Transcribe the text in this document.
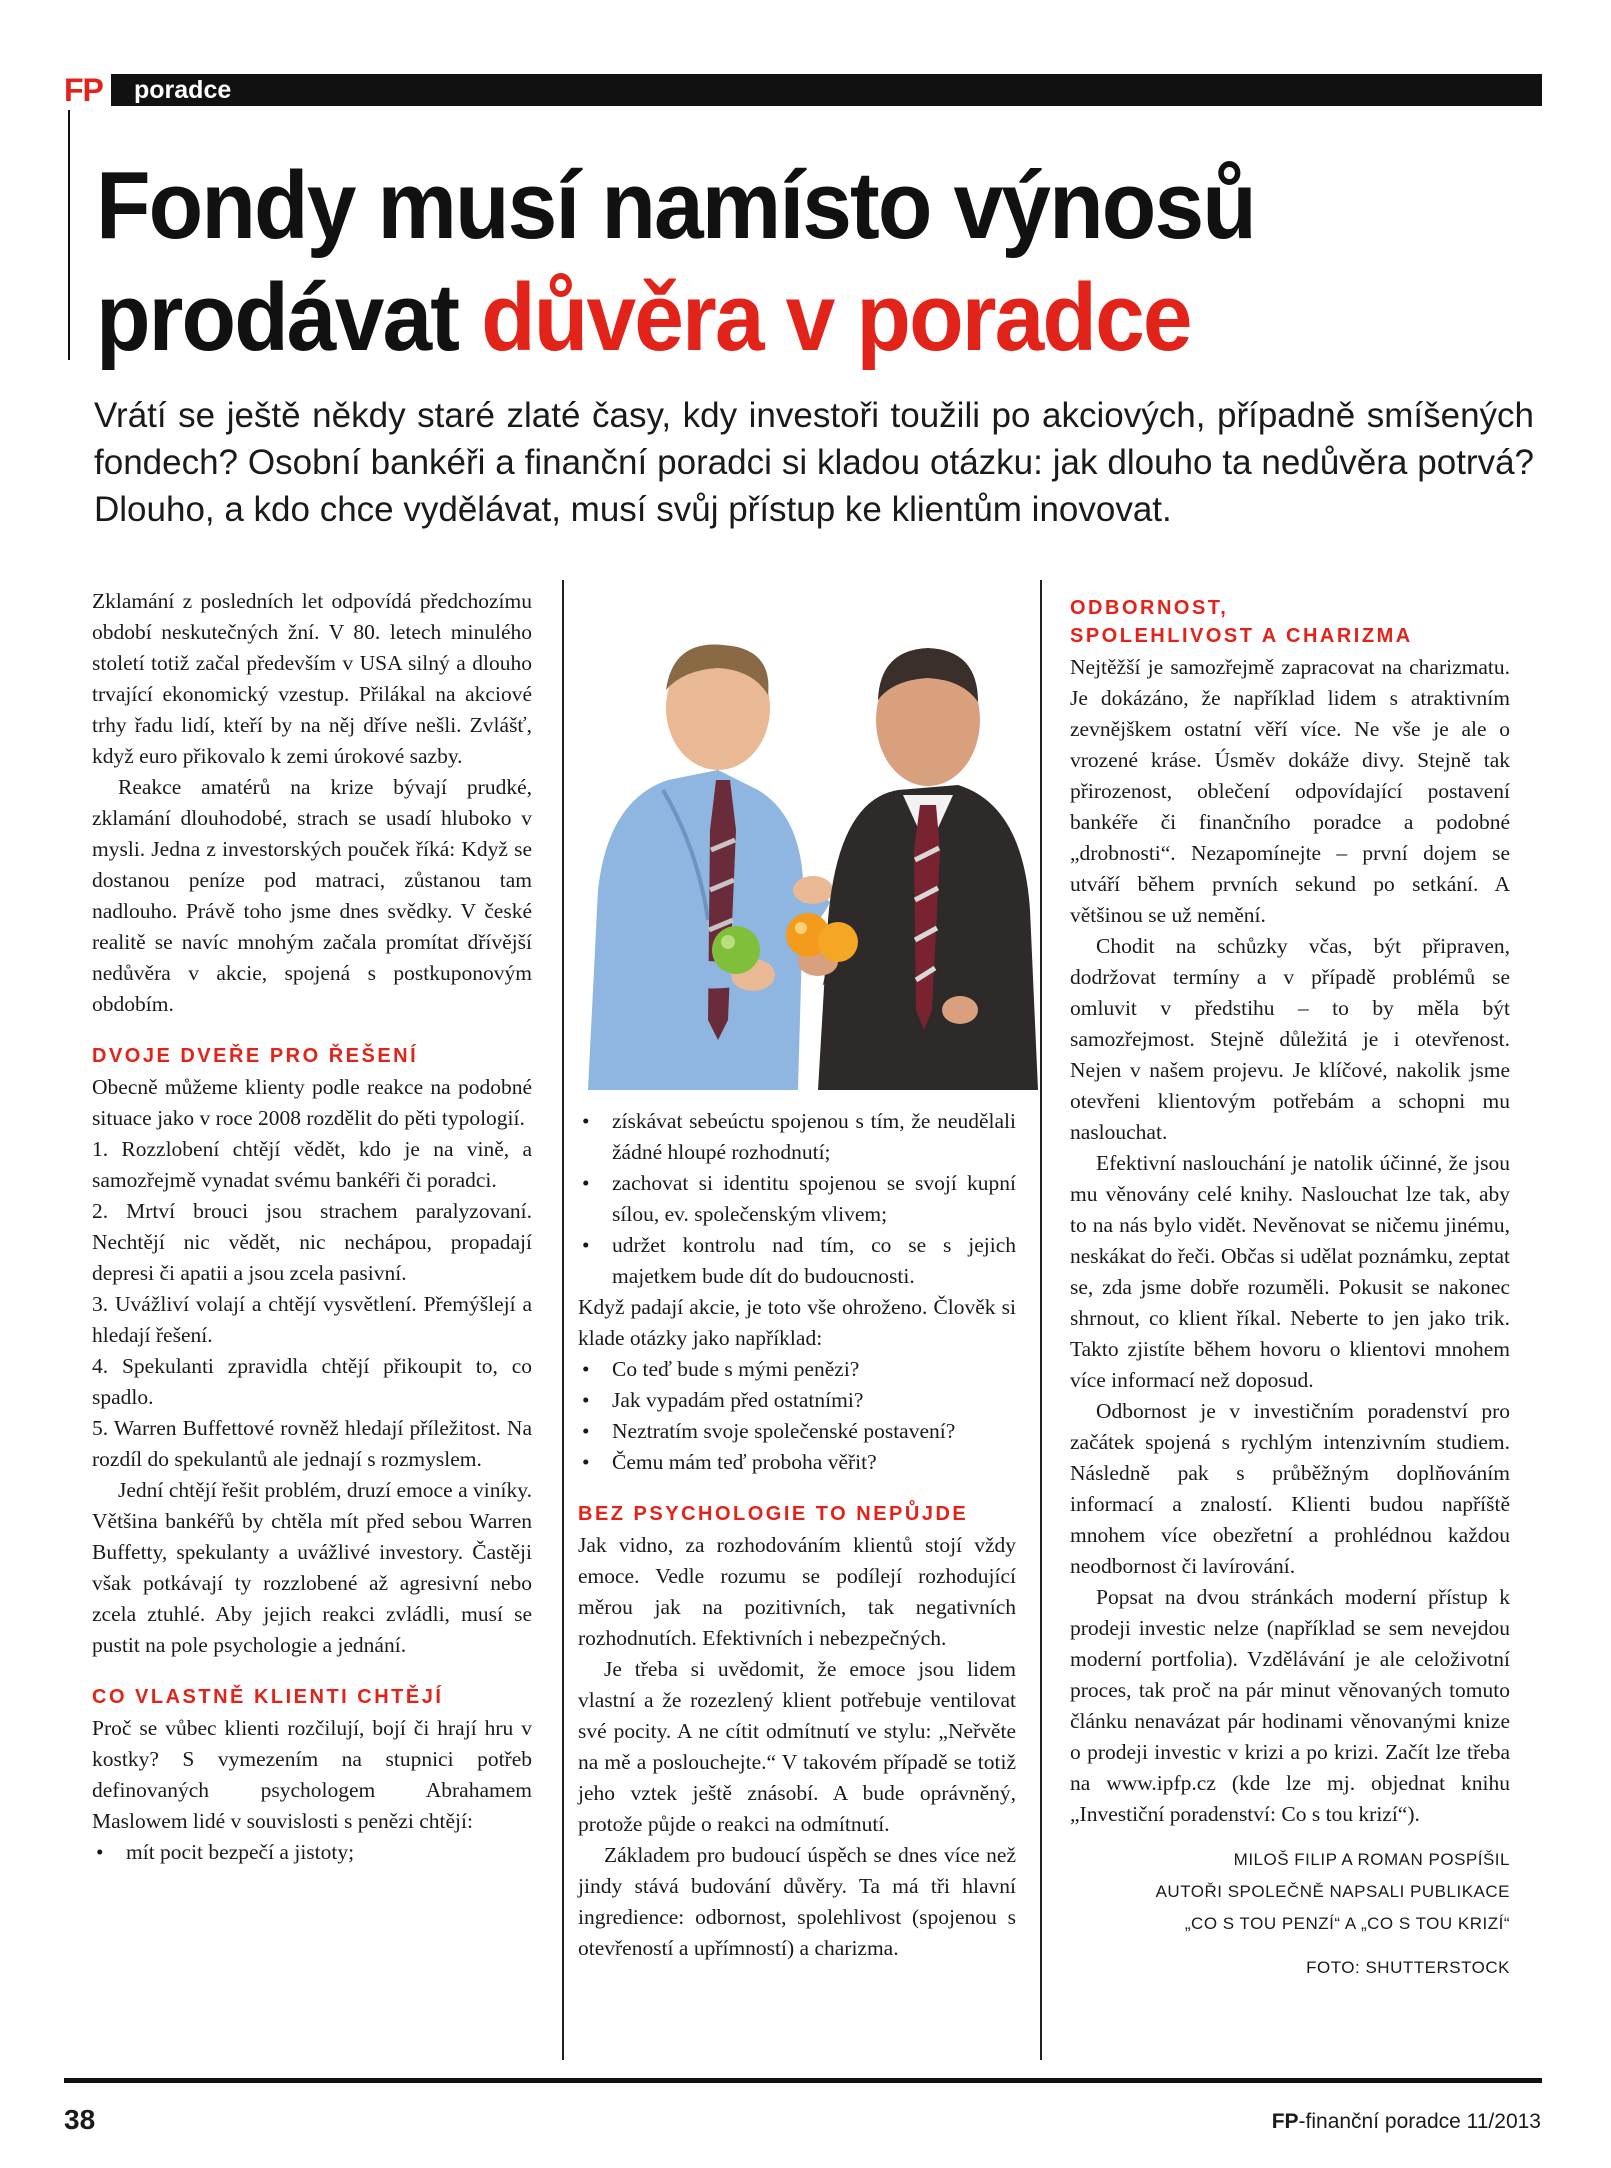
FP	poradce
Fondy musí namísto výnosů
prodávat důvěra v poradce
Vrátí se ještě někdy staré zlaté časy, kdy investoři toužili po akciových, případně smíšených fondech? Osobní bankéři a finanční poradci si kladou otázku: jak dlouho ta nedůvěra potrvá? Dlouho, a kdo chce vydělávat, musí svůj přístup ke klientům inovovat.

Zklamání z posledních let odpovídá předchozímu období neskutečných žní. V 80. letech minulého století totiž začal především v USA silný a dlouho trvající ekonomický vzestup. Přilákal na akciové trhy řadu lidí, kteří by na něj dříve nešli. Zvlášť, když euro přikovalo k zemi úrokové sazby.

Reakce amatérů na krize bývají prudké, zklamání dlouhodobé, strach se usadí hluboko v mysli. Jedna z investorských pouček říká: Když se dostanou peníze pod matraci, zůstanou tam nadlouho. Právě toho jsme dnes svědky. V české realitě se navíc mnohým začala promítat dřívější nedůvěra v akcie, spojená s postkuponovým obdobím.

DVOJE DVEŘE PRO ŘEŠENÍ

Obecně můžeme klienty podle reakce na podobné situace jako v roce 2008 rozdělit do pěti typologií.

1. Rozzlobení chtějí vědět, kdo je na vině, a samozřejmě vynadat svému bankéři či poradci.
2. Mrtví brouci jsou strachem paralyzovaní. Nechtějí nic vědět, nic nechápou, propadají depresi či apatii a jsou zcela pasivní.
3. Uvážliví volají a chtějí vysvětlení. Přemýšlejí a hledají řešení.
4. Spekulanti zpravidla chtějí přikoupit to, co spadlo.
5. Warren Buffettové rovněž hledají příležitost. Na rozdíl do spekulantů ale jednají s rozmyslem.

Jední chtějí řešit problém, druzí emoce a viníky. Většina bankéřů by chtěla mít před sebou Warren Buffetty, spekulanty a uvážlivé investory. Častěji však potkávají ty rozzlobené až agresivní nebo zcela ztuhlé. Aby jejich reakci zvládli, musí se pustit na pole psychologie a jednání.

CO VLASTNĚ KLIENTI CHTĚJÍ

Proč se vůbec klienti rozčilují, bojí či hrají hru v kostky? S vymezením na stupnici potřeb definovaných psychologem Abrahamem Maslowem lidé v souvislosti s penězi chtějí:

• mít pocit bezpečí a jistoty;
• získávat sebeúctu spojenou s tím, že neudělali žádné hloupé rozhodnutí;
• zachovat si identitu spojenou se svojí kupní sílou, ev. společenským vlivem;
• udržet kontrolu nad tím, co se s jejich majetkem bude dít do budoucnosti.

Když padají akcie, je toto vše ohroženo. Člověk si klade otázky jako například:

• Co teď bude s mými penězi?
• Jak vypadám před ostatními?
• Neztratím svoje společenské postavení?
• Čemu mám teď proboha věřit?
BEZ PSYCHOLOGIE TO NEPŮJDE

Jak vidno, za rozhodováním klientů stojí vždy emoce. Vedle rozumu se podílejí rozhodující měrou jak na pozitivních, tak negativních rozhodnutích. Efektivních i nebezpečných.

Je třeba si uvědomit, že emoce jsou lidem vlastní a že rozezlený klient potřebuje ventilovat své pocity. A ne cítit odmítnutí ve stylu: „Neřvěte na mě a poslouchejte.“ V takovém případě se totiž jeho vztek ještě znásobí. A bude oprávněný, protože půjde o reakci na odmítnutí.

Základem pro budoucí úspěch se dnes více než jindy stává budování důvěry. Ta má tři hlavní ingredience: odbornost, spolehlivost (spojenou s otevřeností a upřímností) a charizma.

ODBORNOST,
SPOLEHLIVOST A CHARIZMA

Nejtěžší je samozřejmě zapracovat na charizmatu. Je dokázáno, že například lidem s atraktivním zevnějškem ostatní věří více. Ne vše je ale o vrozené kráse. Úsměv dokáže divy. Stejně tak přirozenost, oblečení odpovídající postavení bankéře či finančního poradce a podobné „drobnosti“. Nezapomínejte – první dojem se utváří během prvních sekund po setkání. A většinou se už nemění.

Chodit na schůzky včas, být připraven, dodržovat termíny a v případě problémů se omluvit v předstihu – to by měla být samozřejmost. Stejně důležitá je i otevřenost. Nejen v našem projevu. Je klíčové, nakolik jsme otevřeni klientovým potřebám a schopni mu naslouchat.

Efektivní naslouchání je natolik účinné, že jsou mu věnovány celé knihy. Naslouchat lze tak, aby to na nás bylo vidět. Nevěnovat se ničemu jinému, neskákat do řeči. Občas si udělat poznámku, zeptat se, zda jsme dobře rozuměli. Pokusit se nakonec shrnout, co klient říkal. Neberte to jen jako trik. Takto zjistíte během hovoru o klientovi mnohem více informací než doposud.

Odbornost je v investičním poradenství pro začátek spojená s rychlým intenzivním studiem. Následně pak s průběžným doplňováním informací a znalostí. Klienti budou napříště mnohem více obezřetní a prohlédnou každou neodbornost či lavírování.

Popsat na dvou stránkách moderní přístup k prodeji investic nelze (například se sem nevejdou moderní portfolia). Vzdělávání je ale celoživotní proces, tak proč na pár minut věnovaných tomuto článku nenavázat pár hodinami věnovanými knize o prodeji investic v krizi a po krizi. Začít lze třeba na www.ipfp.cz (kde lze mj. objednat knihu „Investiční poradenství: Co s tou krizí“).

MILOŠ FILIP A ROMAN POSPÍŠIL

AUTOŘI SPOLEČNĚ NAPSALI PUBLIKACE

„CO S TOU PENZÍ“ A „CO S TOU KRIZÍ“

FOTO: SHUTTERSTOCK

38	FP-finanční poradce 11/2013
